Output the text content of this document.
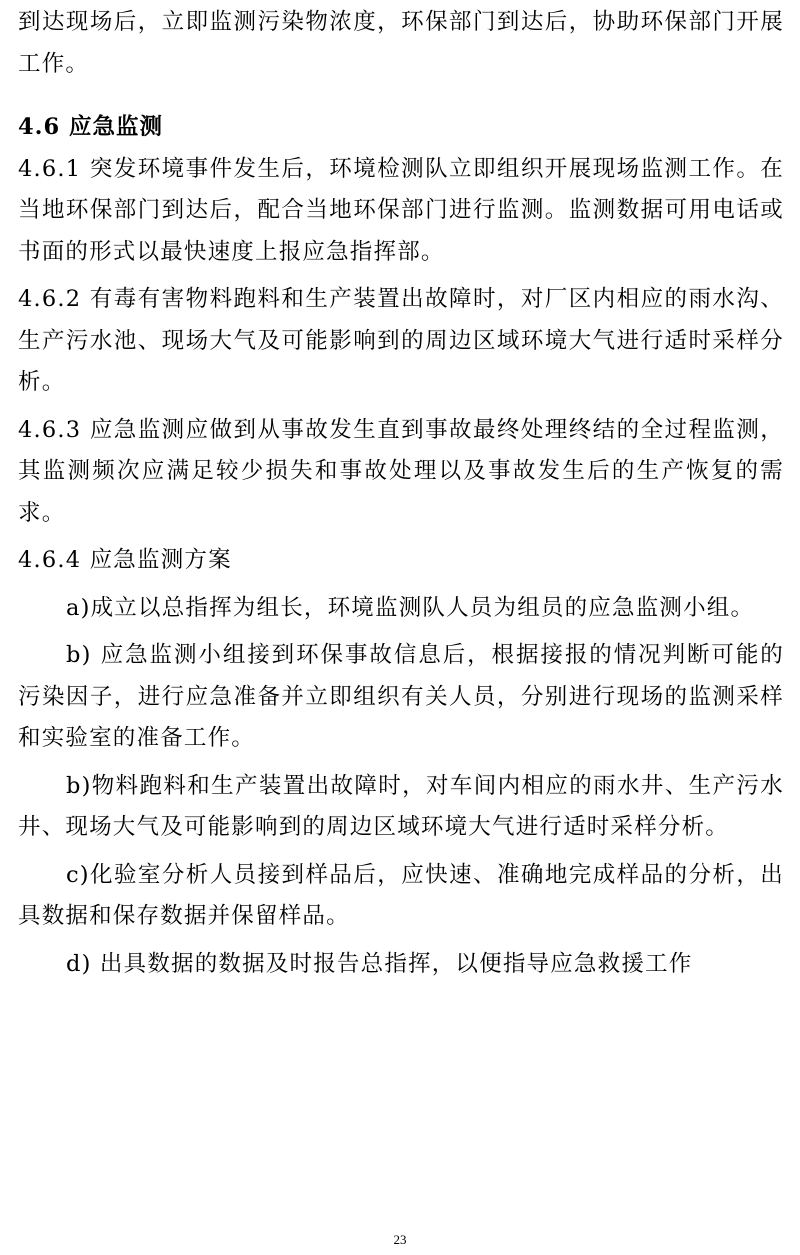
到达现场后，立即监测污染物浓度，环保部门到达后，协助环保部门开展工作。

4.6 应急监测

4.6.1 突发环境事件发生后，环境检测队立即组织开展现场监测工作。在当地环保部门到达后，配合当地环保部门进行监测。监测数据可用电话或书面的形式以最快速度上报应急指挥部。

4.6.2 有毒有害物料跑料和生产装置出故障时，对厂区内相应的雨水沟、生产污水池、现场大气及可能影响到的周边区域环境大气进行适时采样分析。

4.6.3 应急监测应做到从事故发生直到事故最终处理终结的全过程监测，其监测频次应满足较少损失和事故处理以及事故发生后的生产恢复的需求。

4.6.4 应急监测方案

a)成立以总指挥为组长，环境监测队人员为组员的应急监测小组。

b) 应急监测小组接到环保事故信息后，根据接报的情况判断可能的污染因子，进行应急准备并立即组织有关人员，分别进行现场的监测采样和实验室的准备工作。

b)物料跑料和生产装置出故障时，对车间内相应的雨水井、生产污水井、现场大气及可能影响到的周边区域环境大气进行适时采样分析。

c)化验室分析人员接到样品后，应快速、准确地完成样品的分析，出具数据和保存数据并保留样品。

d) 出具数据的数据及时报告总指挥，以便指导应急救援工作

23
